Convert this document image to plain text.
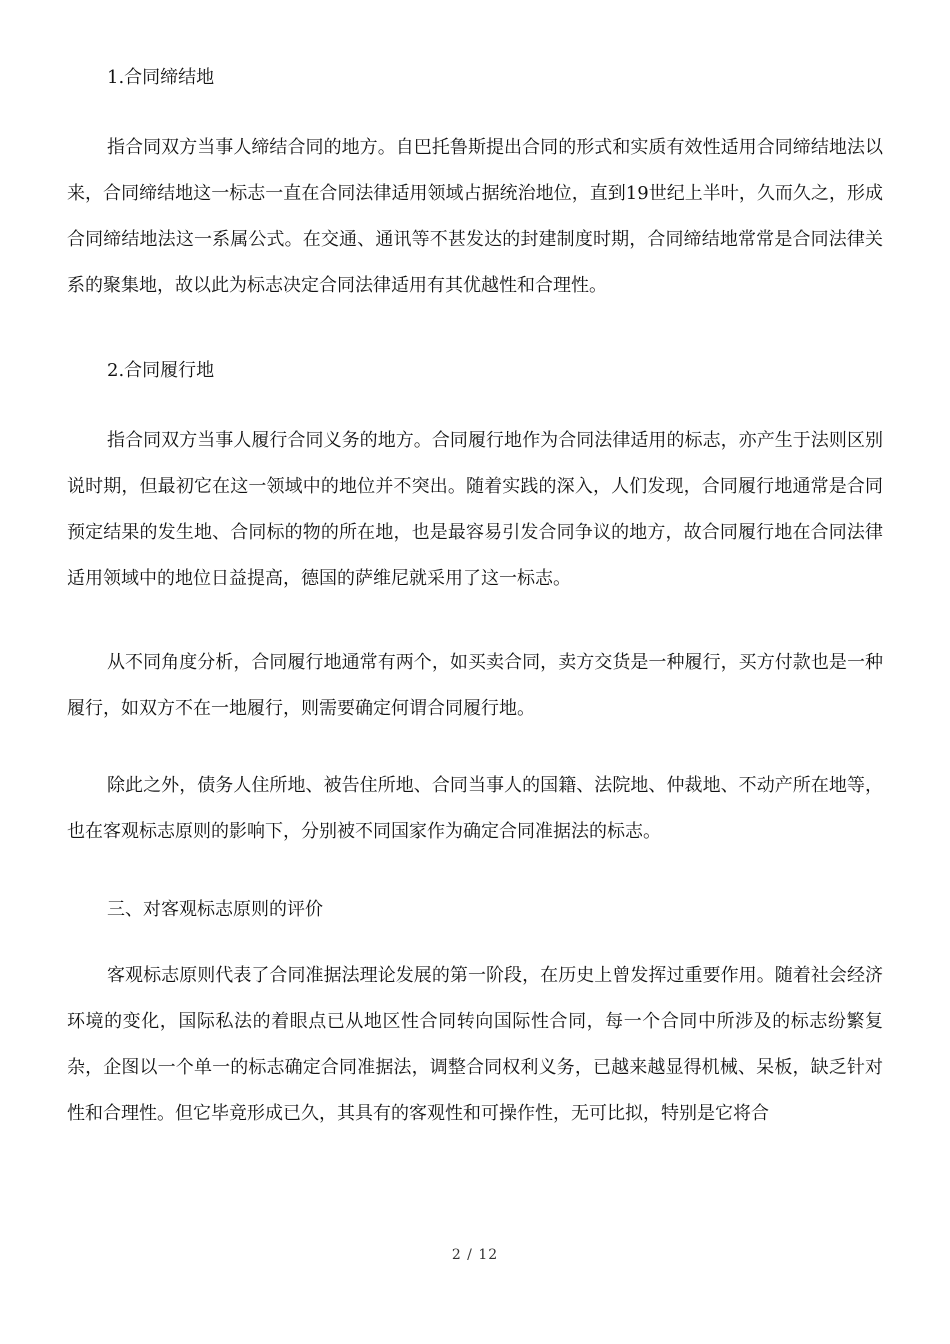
1.合同缔结地

指合同双方当事人缔结合同的地方。自巴托鲁斯提出合同的形式和实质有效性适用合同缔结地法以来，合同缔结地这一标志一直在合同法律适用领域占据统治地位，直到19世纪上半叶，久而久之，形成合同缔结地法这一系属公式。在交通、通讯等不甚发达的封建制度时期，合同缔结地常常是合同法律关系的聚集地，故以此为标志决定合同法律适用有其优越性和合理性。

2.合同履行地

指合同双方当事人履行合同义务的地方。合同履行地作为合同法律适用的标志，亦产生于法则区别说时期，但最初它在这一领域中的地位并不突出。随着实践的深入，人们发现，合同履行地通常是合同预定结果的发生地、合同标的物的所在地，也是最容易引发合同争议的地方，故合同履行地在合同法律适用领域中的地位日益提高，德国的萨维尼就采用了这一标志。

从不同角度分析，合同履行地通常有两个，如买卖合同，卖方交货是一种履行，买方付款也是一种履行，如双方不在一地履行，则需要确定何谓合同履行地。

除此之外，债务人住所地、被告住所地、合同当事人的国籍、法院地、仲裁地、不动产所在地等，也在客观标志原则的影响下，分别被不同国家作为确定合同准据法的标志。

三、对客观标志原则的评价

客观标志原则代表了合同准据法理论发展的第一阶段，在历史上曾发挥过重要作用。随着社会经济环境的变化，国际私法的着眼点已从地区性合同转向国际性合同，每一个合同中所涉及的标志纷繁复杂，企图以一个单一的标志确定合同准据法，调整合同权利义务，已越来越显得机械、呆板，缺乏针对性和合理性。但它毕竟形成已久，其具有的客观性和可操作性，无可比拟，特别是它将合

2 / 12
